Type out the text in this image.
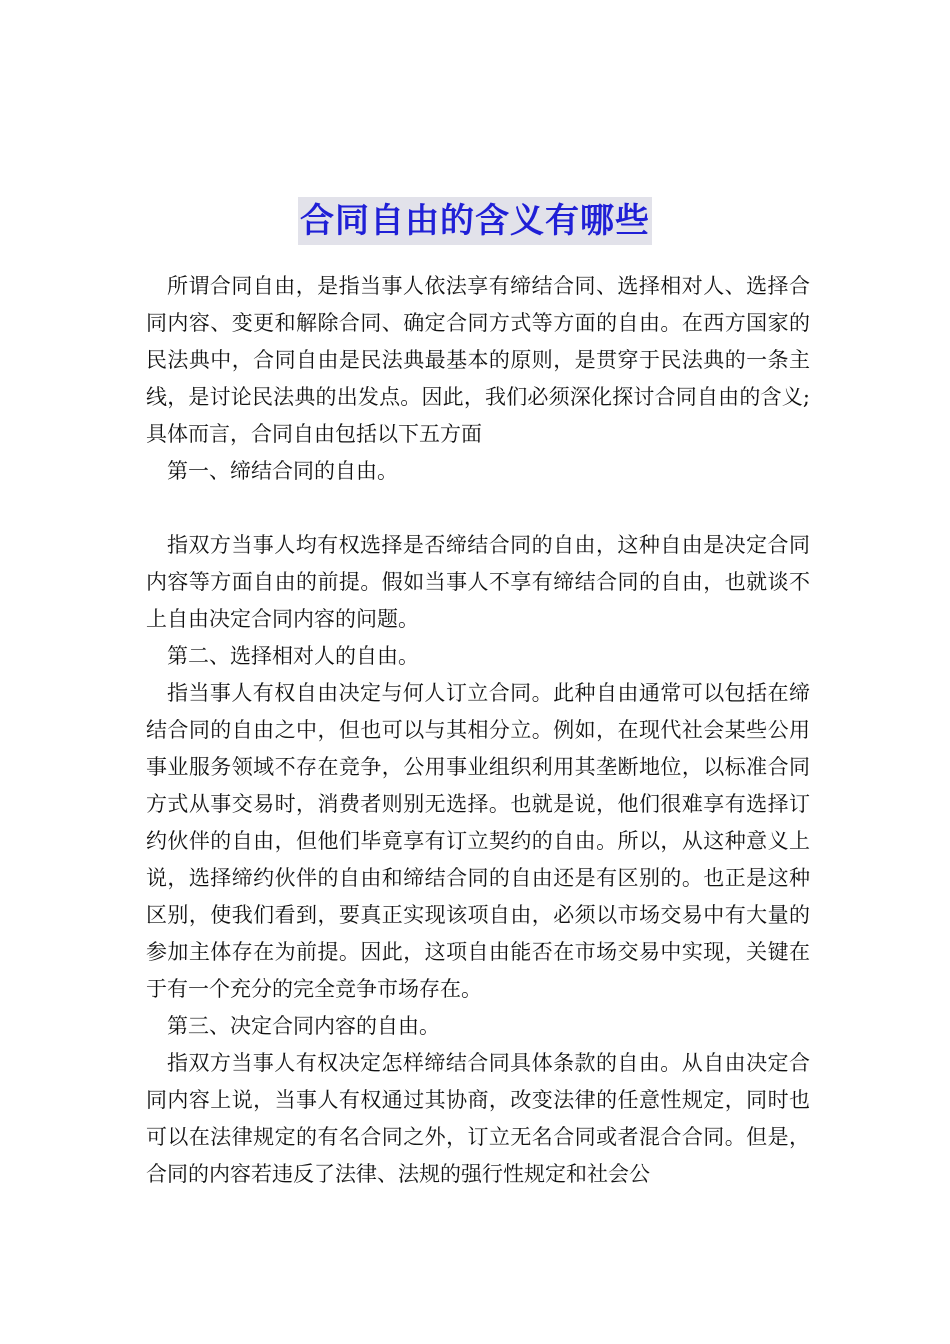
合同自由的含义有哪些

所谓合同自由，是指当事人依法享有缔结合同、选择相对人、选择合同内容、变更和解除合同、确定合同方式等方面的自由。在西方国家的民法典中，合同自由是民法典最基本的原则，是贯穿于民法典的一条主线，是讨论民法典的出发点。因此，我们必须深化探讨合同自由的含义;具体而言，合同自由包括以下五方面

第一、缔结合同的自由。

指双方当事人均有权选择是否缔结合同的自由，这种自由是决定合同内容等方面自由的前提。假如当事人不享有缔结合同的自由，也就谈不上自由决定合同内容的问题。

第二、选择相对人的自由。

指当事人有权自由决定与何人订立合同。此种自由通常可以包括在缔结合同的自由之中，但也可以与其相分立。例如，在现代社会某些公用事业服务领域不存在竞争，公用事业组织利用其垄断地位，以标准合同方式从事交易时，消费者则别无选择。也就是说，他们很难享有选择订约伙伴的自由，但他们毕竟享有订立契约的自由。所以，从这种意义上说，选择缔约伙伴的自由和缔结合同的自由还是有区别的。也正是这种区别，使我们看到，要真正实现该项自由，必须以市场交易中有大量的参加主体存在为前提。因此，这项自由能否在市场交易中实现，关键在于有一个充分的完全竞争市场存在。

第三、决定合同内容的自由。

指双方当事人有权决定怎样缔结合同具体条款的自由。从自由决定合同内容上说，当事人有权通过其协商，改变法律的任意性规定，同时也可以在法律规定的有名合同之外，订立无名合同或者混合合同。但是，合同的内容若违反了法律、法规的强行性规定和社会公
